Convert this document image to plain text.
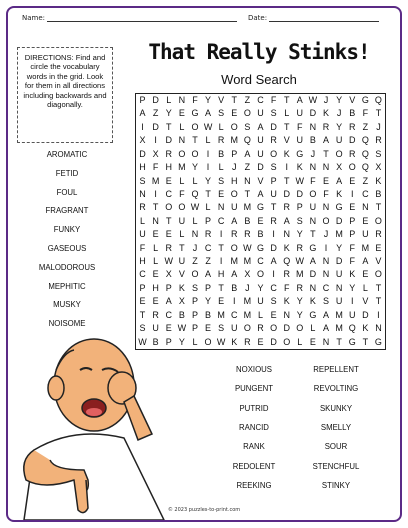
Name:	Date:
DIRECTIONS: Find and circle the vocabulary words in the grid. Look for them in all directions including backwards and diagonally.
That Really Stinks!
Word Search
P D L N F Y V T Z C F T A W J Y V G Q
A Z Y E G A S E O U S L U D K J B F T
I D T L O W L O S A D T F N R Y R Z J
X I D N T L R M Q U R V U B A U D Q R
D X R O O I B P A U O K G J T O R Q S
H F H M Y I	L J Z D S I K N N X O Q X
S M E L L Y S H N V P T W F E A E Z K
N I C F Q T E O T A U D D O F K I C B
R T O O W L N U M G T R P U N G E N T
L N T U L P C A B E R A S N O D P E O
U E E L N R I R R B I N Y T J M P U R
F L R T J C T O W G D K R G I Y F M E
H L W U Z Z	I M M C A Q W A N D F A V
C E X V O A H A X O I R M D N U K E O
P H P K S P T B J Y C F R N C N Y L T
E E A X P Y E I M U S K Y K S U I V T
T R C B P B M C M L E N Y G A M U D I
S U E W P E S U O R O D O L A M Q K N
W B P Y L O W K R E D O L E N T G T G
© 2023 puzzles-to-print.com
AROMATIC
FETID
FOUL
FRAGRANT
FUNKY
GASEOUS
MALODOROUS
MEPHITIC
MUSKY
NOISOME
NOXIOUS
PUNGENT
PUTRID
RANCID
RANK
REDOLENT
REEKING
REPELLENT
REVOLTING
SKUNKY
SMELLY
SOUR
STENCHFUL
STINKY
